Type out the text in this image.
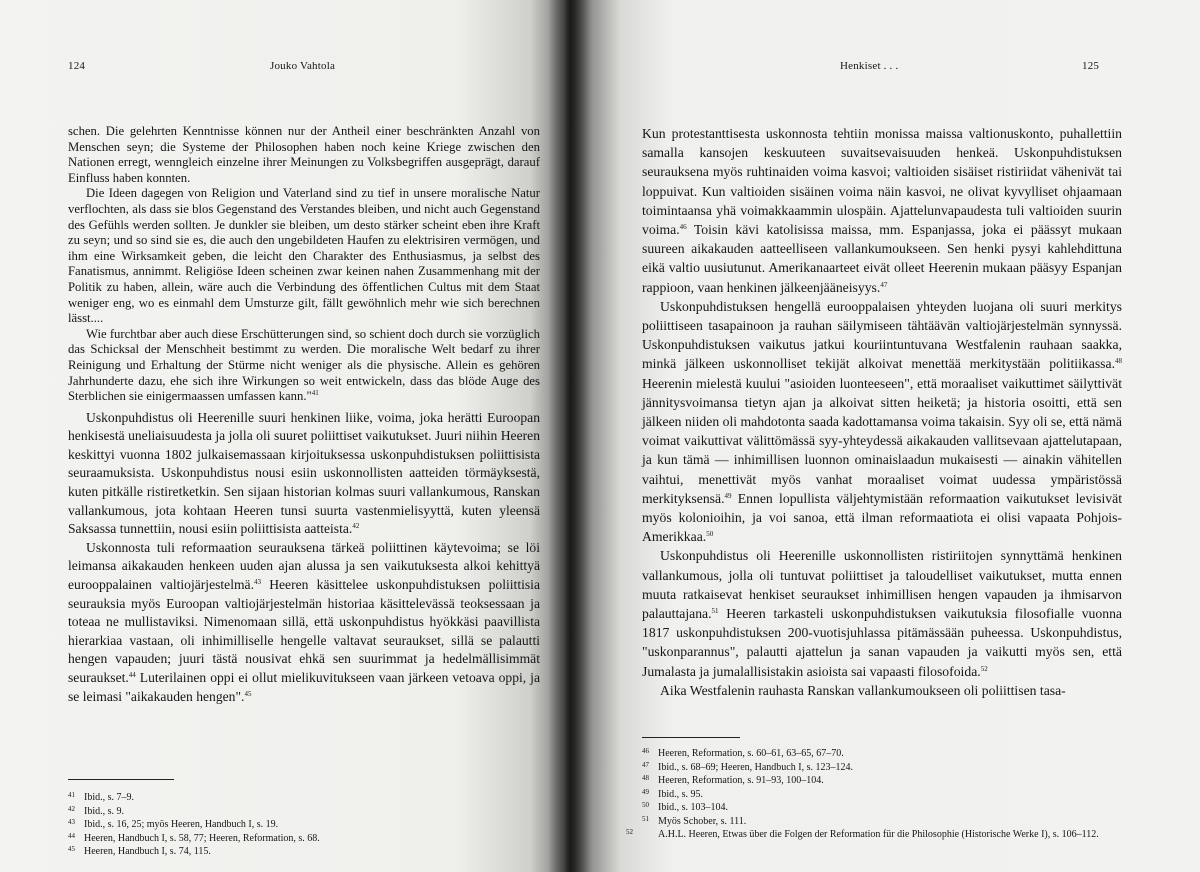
124	Jouko Vahtola

schen. Die gelehrten Kenntnisse können nur der Antheil einer beschränkten Anzahl von Menschen seyn; die Systeme der Philosophen haben noch keine Kriege zwischen den Nationen erregt, wenngleich einzelne ihrer Meinungen zu Volksbegriffen ausgeprägt, darauf Einfluss haben konnten.

Die Ideen dagegen von Religion und Vaterland sind zu tief in unsere moralische Natur verflochten, als dass sie blos Gegenstand des Verstandes bleiben, und nicht auch Gegenstand des Gefühls werden sollten. Je dunkler sie bleiben, um desto stärker scheint eben ihre Kraft zu seyn; und so sind sie es, die auch den ungebildeten Haufen zu elektrisiren vermögen, und ihm eine Wirksamkeit geben, die leicht den Charakter des Enthusiasmus, ja selbst des Fanatismus, annimmt. Religiöse Ideen scheinen zwar keinen nahen Zusammenhang mit der Politik zu haben, allein, wäre auch die Verbindung des öffentlichen Cultus mit dem Staat weniger eng, wo es einmahl dem Umsturze gilt, fällt gewöhnlich mehr wie sich berechnen lässt....

Wie furchtbar aber auch diese Erschütterungen sind, so schient doch durch sie vorzüglich das Schicksal der Menschheit bestimmt zu werden. Die moralische Welt bedarf zu ihrer Reinigung und Erhaltung der Stürme nicht weniger als die physische. Allein es gehören Jahrhunderte dazu, ehe sich ihre Wirkungen so weit entwickeln, dass das blöde Auge des Sterblichen sie einigermaassen umfassen kann."$^{41}$

Uskonpuhdistus oli Heerenille suuri henkinen liike, voima, joka herätti Euroopan henkisestä uneliaisuudesta ja jolla oli suuret poliittiset vaikutukset. Juuri niihin Heeren keskittyi vuonna 1802 julkaisemassaan kirjoituksessa uskonpuhdistuksen poliittisista seuraamuksista. Uskonpuhdistus nousi esiin uskonnollisten aatteiden törmäyksestä, kuten pitkälle ristiretketkin. Sen sijaan historian kolmas suuri vallankumous, Ranskan vallankumous, jota kohtaan Heeren tunsi suurta vastenmielisyyttä, kuten yleensä Saksassa tunnettiin, nousi esiin poliittisista aatteista.$^{42}$

Uskonnosta tuli reformaation seurauksena tärkeä poliittinen käytevoima; se löi leimansa aikakauden henkeen uuden ajan alussa ja sen vaikutuksesta alkoi kehittyä eurooppalainen valtiojärjestelmä.$^{43}$ Heeren käsittelee uskonpuhdistuksen poliittisia seurauksia myös Euroopan valtiojärjestelmän historiaa käsittelevässä teoksessaan ja toteaa ne mullistaviksi. Nimenomaan sillä, että uskonpuhdistus hyökkäsi paavillista hierarkiaa vastaan, oli inhimilliselle hengelle valtavat seuraukset, sillä se palautti hengen vapauden; juuri tästä nousivat ehkä sen suurimmat ja hedelmällisimmät seuraukset.$^{44}$ Luterilainen oppi ei ollut mielikuvitukseen vaan järkeen vetoava oppi, ja se leimasi "aikakauden hengen".$^{45}$

41 Ibid., s. 7–9.
42 Ibid., s. 9.
43 Ibid., s. 16, 25; myös Heeren, Handbuch I, s. 19.
44 Heeren, Handbuch I, s. 58, 77; Heeren, Reformation, s. 68.
45 Heeren, Handbuch I, s. 74, 115.
Henkiset . . .	125

Kun protestanttisesta uskonnosta tehtiin monissa maissa valtionuskonto, puhallettiin samalla kansojen keskuuteen suvaitsevaisuuden henkeä. Uskonpuhdistuksen seurauksena myös ruhtinaiden voima kasvoi; valtioiden sisäiset ristiriidat vähenivät tai loppuivat. Kun valtioiden sisäinen voima näin kasvoi, ne olivat kyvylliset ohjaamaan toimintaansa yhä voimakkaammin ulospäin. Ajattelunvapaudesta tuli valtioiden suurin voima.$^{46}$ Toisin kävi katolisissa maissa, mm. Espanjassa, joka ei päässyt mukaan suureen aikakauden aatteelliseen vallankumoukseen. Sen henki pysyi kahlehdittuna eikä valtio uusiutunut. Amerikanaarteet eivät olleet Heerenin mukaan pääsyy Espanjan rappioon, vaan henkinen jälkeenjääneisyys.$^{47}$

Uskonpuhdistuksen hengellä eurooppalaisen yhteyden luojana oli suuri merkitys poliittiseen tasapainoon ja rauhan säilymiseen tähtäävän valtiojärjestelmän synnyssä. Uskonpuhdistuksen vaikutus jatkui kouriintuntuvana Westfalenin rauhaan saakka, minkä jälkeen uskonnolliset tekijät alkoivat menettää merkitystään politiikassa.$^{48}$ Heerenin mielestä kuului "asioiden luonteeseen", että moraaliset vaikuttimet säilyttivät jännitysvoimansa tietyn ajan ja alkoivat sitten heiketä; ja historia osoitti, että sen jälkeen niiden oli mahdotonta saada kadottamansa voima takaisin. Syy oli se, että nämä voimat vaikuttivat välittömässä syy-yhteydessä aikakauden vallitsevaan ajattelutapaan, ja kun tämä — inhimillisen luonnon ominaislaadun mukaisesti — ainakin vähitellen vaihtui, menettivät myös vanhat moraaliset voimat uudessa ympäristössä merkityksensä.$^{49}$ Ennen lopullista väljehtymistään reformaation vaikutukset levisivät myös kolonioihin, ja voi sanoa, että ilman reformaatiota ei olisi vapaata Pohjois-Amerikkaa.$^{50}$

Uskonpuhdistus oli Heerenille uskonnollisten ristiriitojen synnyttämä henkinen vallankumous, jolla oli tuntuvat poliittiset ja taloudelliset vaikutukset, mutta ennen muuta ratkaisevat henkiset seuraukset inhimillisen hengen vapauden ja ihmisarvon palauttajana.$^{51}$ Heeren tarkasteli uskonpuhdistuksen vaikutuksia filosofialle vuonna 1817 uskonpuhdistuksen 200-vuotisjuhlassa pitämässään puheessa. Uskonpuhdistus, "uskonparannus", palautti ajattelun ja sanan vapauden ja vaikutti myös sen, että Jumalasta ja jumalallisistakin asioista sai vapaasti filosofoida.$^{52}$

Aika Westfalenin rauhasta Ranskan vallankumoukseen oli poliittisen tasa-

46 Heeren, Reformation, s. 60–61, 63–65, 67–70.
47 Ibid., s. 68–69; Heeren, Handbuch I, s. 123–124.
48 Heeren, Reformation, s. 91–93, 100–104.
49 Ibid., s. 95.
50 Ibid., s. 103–104.
51 Myös Schober, s. 111.
52	A.H.L. Heeren, Etwas über die Folgen der Reformation für die Philosophie (Historische Werke I), s. 106–112.
